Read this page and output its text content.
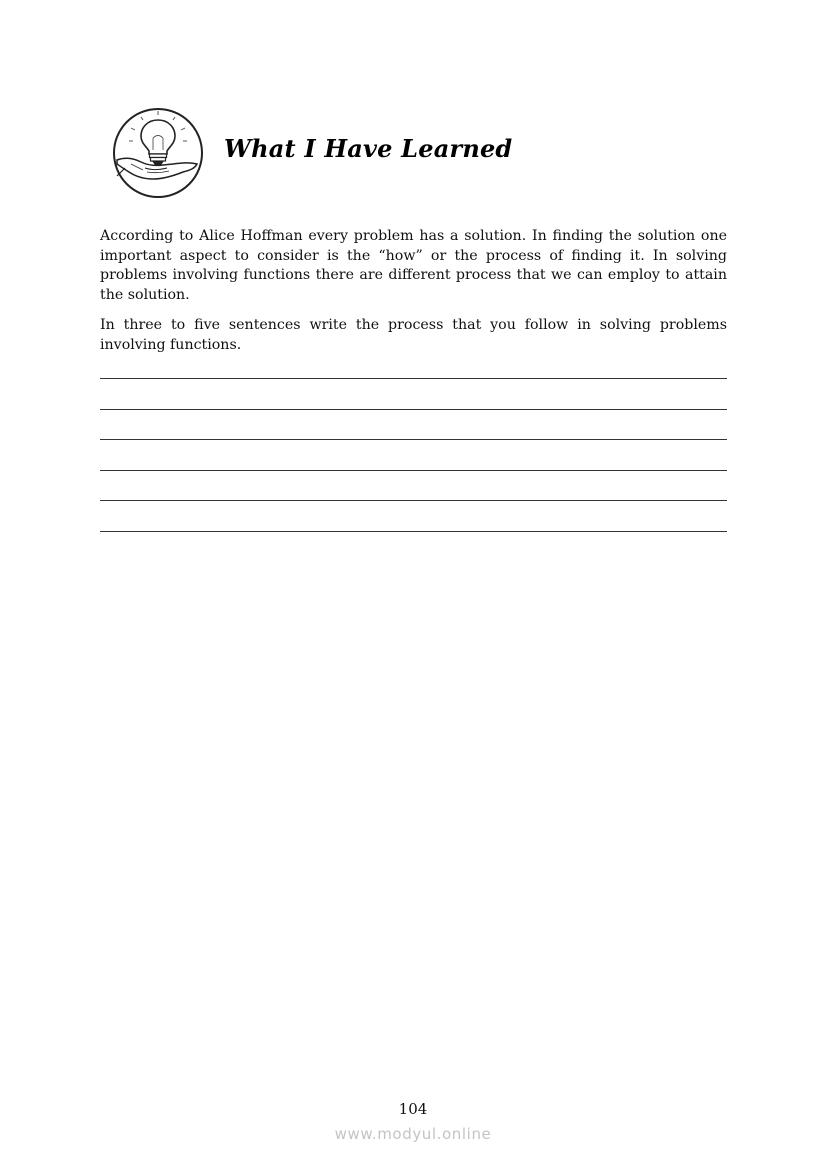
What I Have Learned

According to Alice Hoffman every problem has a solution. In finding the solution one important aspect to consider is the “how” or the process of finding it. In solving problems involving functions there are different process that we can employ to attain the solution.

In three to five sentences write the process that you follow in solving problems involving functions.

104
www.modyul.online
